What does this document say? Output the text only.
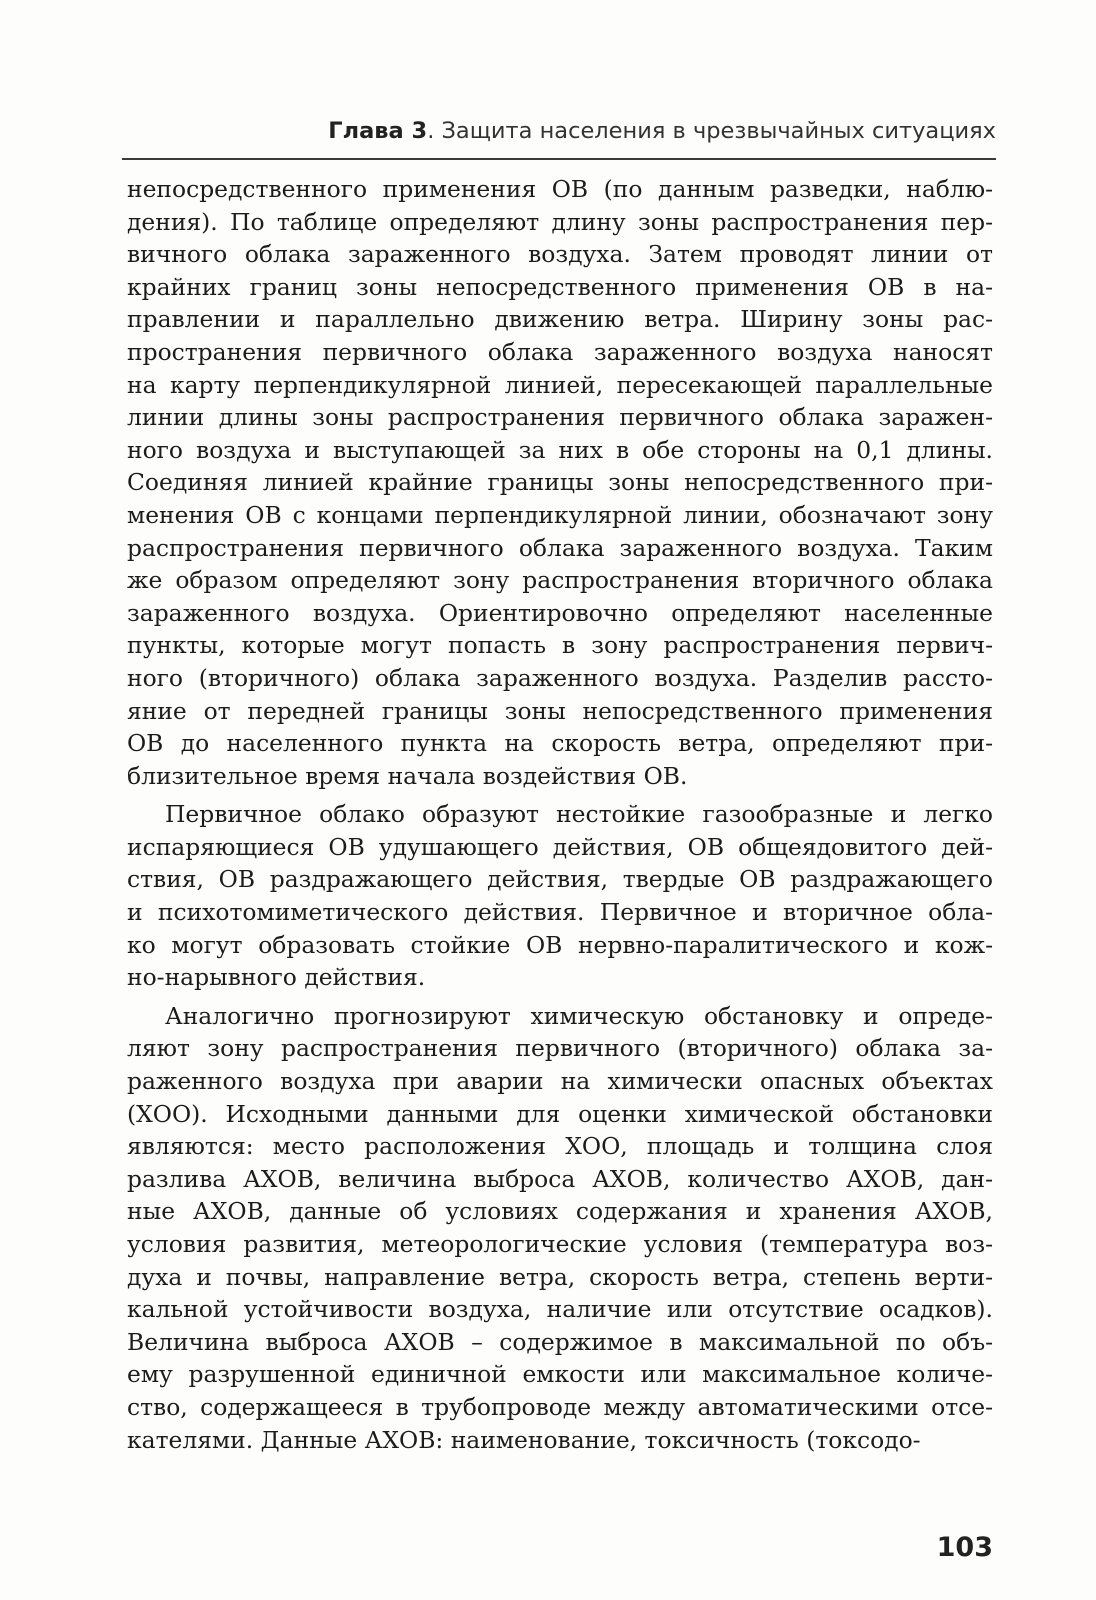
Глава 3. Защита населения в чрезвычайных ситуациях
непосредственного применения ОВ (по данным разведки, наблю-
дения). По таблице определяют длину зоны распространения пер-
вичного облака зараженного воздуха. Затем проводят линии от
крайних границ зоны непосредственного применения ОВ в на-
правлении и параллельно движению ветра. Ширину зоны рас-
пространения первичного облака зараженного воздуха наносят
на карту перпендикулярной линией, пересекающей параллельные
линии длины зоны распространения первичного облака заражен-
ного воздуха и выступающей за них в обе стороны на 0,1 длины.
Соединяя линией крайние границы зоны непосредственного при-
менения ОВ с концами перпендикулярной линии, обозначают зону
распространения первичного облака зараженного воздуха. Таким
же образом определяют зону распространения вторичного облака
зараженного воздуха. Ориентировочно определяют населенные
пункты, которые могут попасть в зону распространения первич-
ного (вторичного) облака зараженного воздуха. Разделив рассто-
яние от передней границы зоны непосредственного применения
ОВ до населенного пункта на скорость ветра, определяют при-
близительное время начала воздействия ОВ.
Первичное облако образуют нестойкие газообразные и легко
испаряющиеся ОВ удушающего действия, ОВ общеядовитого дей-
ствия, ОВ раздражающего действия, твердые ОВ раздражающего
и психотомиметического действия. Первичное и вторичное обла-
ко могут образовать стойкие ОВ нервно-паралитического и кож-
но-нарывного действия.
Аналогично прогнозируют химическую обстановку и опреде-
ляют зону распространения первичного (вторичного) облака за-
раженного воздуха при аварии на химически опасных объектах
(ХОО). Исходными данными для оценки химической обстановки
являются: место расположения ХОО, площадь и толщина слоя
разлива АХОВ, величина выброса АХОВ, количество АХОВ, дан-
ные АХОВ, данные об условиях содержания и хранения АХОВ,
условия развития, метеорологические условия (температура воз-
духа и почвы, направление ветра, скорость ветра, степень верти-
кальной устойчивости воздуха, наличие или отсутствие осадков).
Величина выброса АХОВ – содержимое в максимальной по объ-
ему разрушенной единичной емкости или максимальное количе-
ство, содержащееся в трубопроводе между автоматическими отсе-
кателями. Данные АХОВ: наименование, токсичность (токсодо-
103
